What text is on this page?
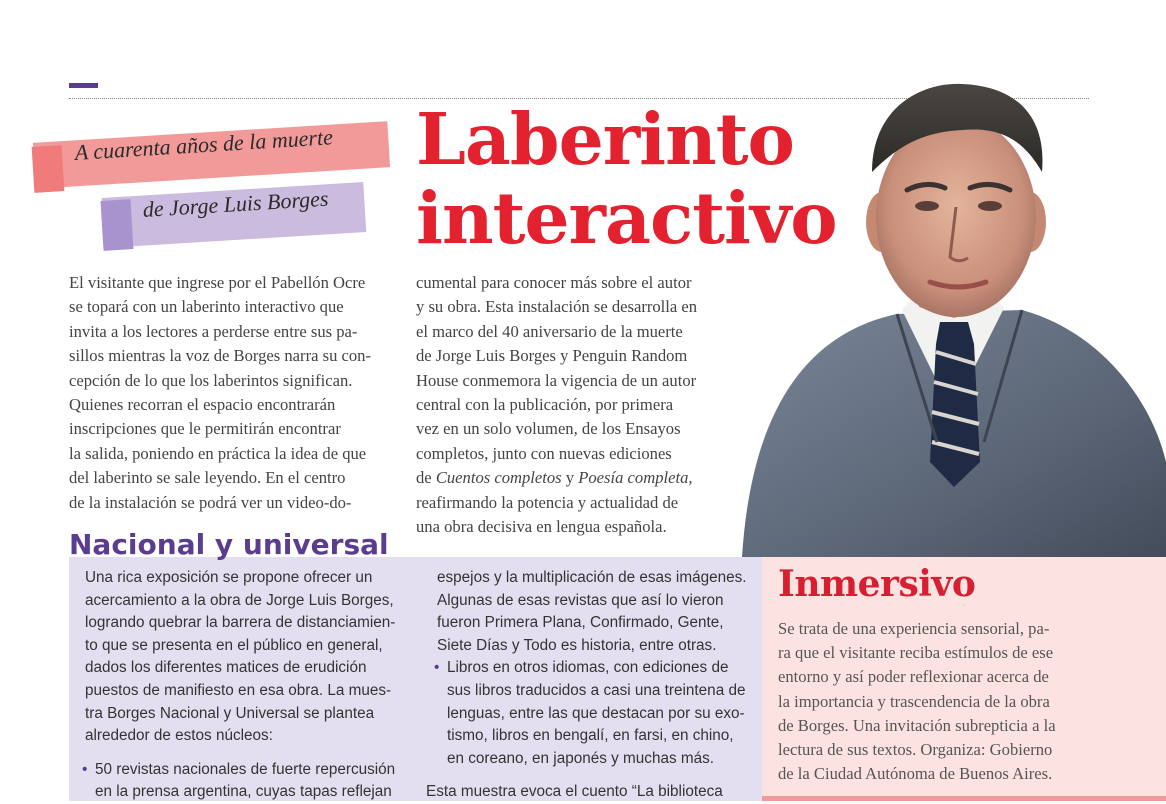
A cuarenta años de la muerte
de Jorge Luis Borges
Laberinto
interactivo

El visitante que ingrese por el Pabellón Ocre

se topará con un laberinto interactivo que

invita a los lectores a perderse entre sus pa-

sillos mientras la voz de Borges narra su con-

cepción de lo que los laberintos significan.

Quienes recorran el espacio encontrarán

inscripciones que le permitirán encontrar

la salida, poniendo en práctica la idea de que

del laberinto se sale leyendo. En el centro

de la instalación se podrá ver un video-do-

cumental para conocer más sobre el autor

y su obra. Esta instalación se desarrolla en

el marco del 40 aniversario de la muerte

de Jorge Luis Borges y Penguin Random

House conmemora la vigencia de un autor

central con la publicación, por primera

vez en un solo volumen, de los Ensayos

completos, junto con nuevas ediciones

de Cuentos completos y Poesía completa,

reafirmando la potencia y actualidad de

una obra decisiva en lengua española.

Nacional y universal

Una rica exposición se propone ofrecer un

acercamiento a la obra de Jorge Luis Borges,

logrando quebrar la barrera de distanciamien-

to que se presenta en el público en general,

dados los diferentes matices de erudición

puestos de manifiesto en esa obra. La mues-

tra Borges Nacional y Universal se plantea

alrededor de estos núcleos:

• 50 revistas nacionales de fuerte repercusión

en la prensa argentina, cuyas tapas reflejan

espejos y la multiplicación de esas imágenes.

Algunas de esas revistas que así lo vieron

fueron Primera Plana, Confirmado, Gente,

Siete Días y Todo es historia, entre otras.

• Libros en otros idiomas, con ediciones de

sus libros traducidos a casi una treintena de

lenguas, entre las que destacan por su exo-

tismo, libros en bengalí, en farsi, en chino,

en coreano, en japonés y muchas más.

Esta muestra evoca el cuento “La biblioteca
Inmersivo

Se trata de una experiencia sensorial, pa-

ra que el visitante reciba estímulos de ese

entorno y así poder reflexionar acerca de

la importancia y trascendencia de la obra

de Borges. Una invitación subrepticia a la

lectura de sus textos. Organiza: Gobierno

de la Ciudad Autónoma de Buenos Aires.
